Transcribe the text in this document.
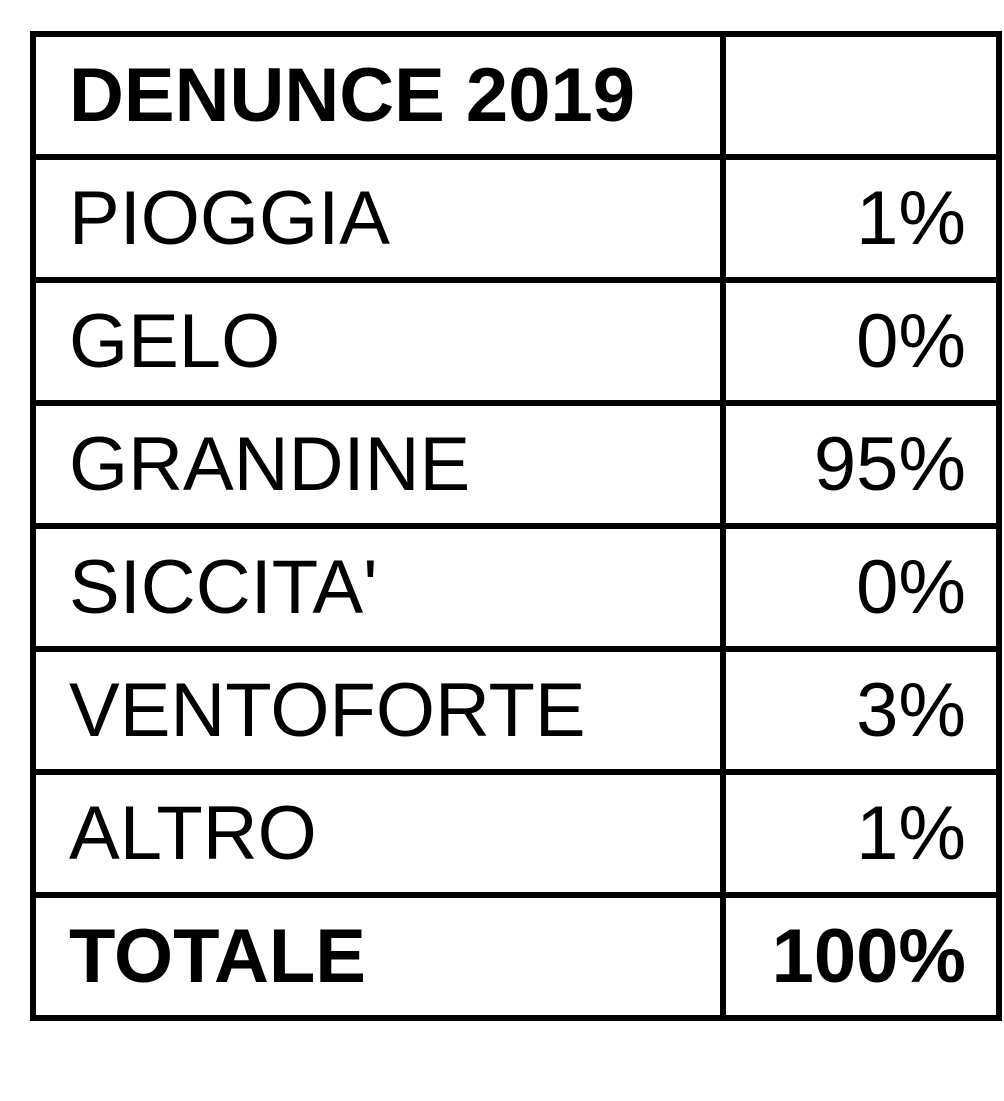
DENUNCE 2019	
PIOGGIA	1%
GELO	0%
GRANDINE	95%
SICCITA'	0%
VENTOFORTE	3%
ALTRO	1%
TOTALE	100%
